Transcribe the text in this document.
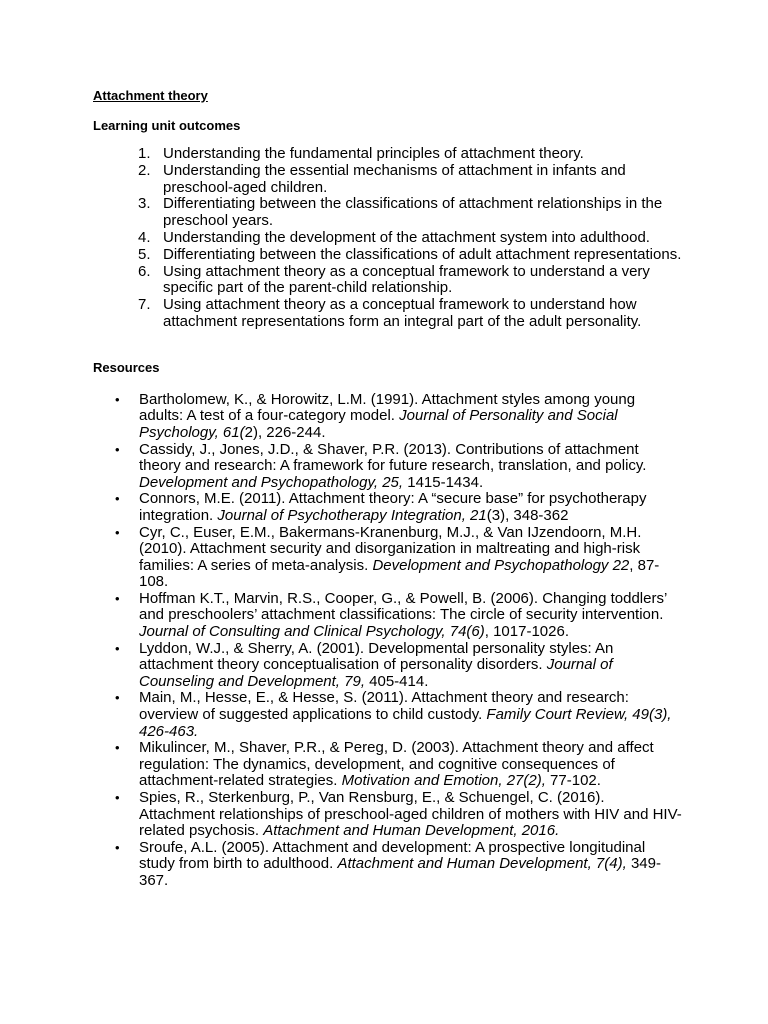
Attachment theory

Learning unit outcomes

1. Understanding the fundamental principles of attachment theory.
2. Understanding the essential mechanisms of attachment in infants and preschool-aged children.
3. Differentiating between the classifications of attachment relationships in the preschool years.
4. Understanding the development of the attachment system into adulthood.
5. Differentiating between the classifications of adult attachment representations.
6. Using attachment theory as a conceptual framework to understand a very specific part of the parent-child relationship.
7. Using attachment theory as a conceptual framework to understand how attachment representations form an integral part of the adult personality.

Resources

• Bartholomew, K., & Horowitz, L.M. (1991). Attachment styles among young adults: A test of a four-category model. Journal of Personality and Social Psychology, 61(2), 226-244.
• Cassidy, J., Jones, J.D., & Shaver, P.R. (2013). Contributions of attachment theory and research: A framework for future research, translation, and policy. Development and Psychopathology, 25, 1415-1434.
• Connors, M.E. (2011). Attachment theory: A “secure base” for psychotherapy integration. Journal of Psychotherapy Integration, 21(3), 348-362
• Cyr, C., Euser, E.M., Bakermans-Kranenburg, M.J., & Van IJzendoorn, M.H. (2010). Attachment security and disorganization in maltreating and high-risk families: A series of meta-analysis. Development and Psychopathology 22, 87-108.
• Hoffman K.T., Marvin, R.S., Cooper, G., & Powell, B. (2006). Changing toddlers’ and preschoolers’ attachment classifications: The circle of security intervention. Journal of Consulting and Clinical Psychology, 74(6), 1017-1026.
• Lyddon, W.J., & Sherry, A. (2001). Developmental personality styles: An attachment theory conceptualisation of personality disorders. Journal of Counseling and Development, 79, 405-414.
• Main, M., Hesse, E., & Hesse, S. (2011). Attachment theory and research: overview of suggested applications to child custody. Family Court Review, 49(3), 426-463.
• Mikulincer, M., Shaver, P.R., & Pereg, D. (2003). Attachment theory and affect regulation: The dynamics, development, and cognitive consequences of attachment-related strategies. Motivation and Emotion, 27(2), 77-102.
• Spies, R., Sterkenburg, P., Van Rensburg, E., & Schuengel, C. (2016). Attachment relationships of preschool-aged children of mothers with HIV and HIV-related psychosis. Attachment and Human Development, 2016.
• Sroufe, A.L. (2005). Attachment and development: A prospective longitudinal study from birth to adulthood. Attachment and Human Development, 7(4), 349-367.
